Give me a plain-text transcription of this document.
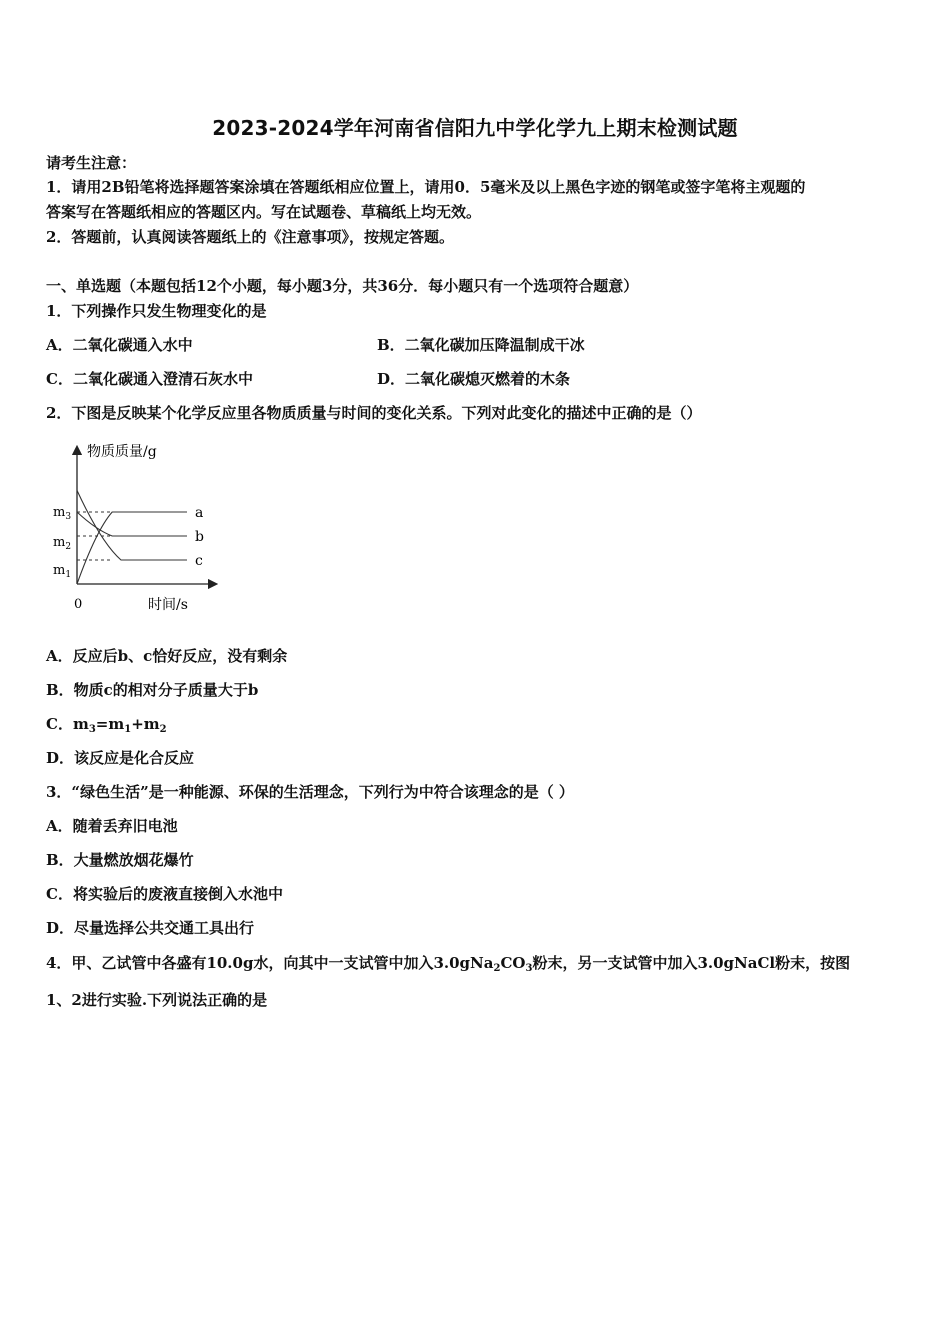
2023-2024学年河南省信阳九中学化学九上期末检测试题
请考生注意：
1．请用2B铅笔将选择题答案涂填在答题纸相应位置上，请用0．5毫米及以上黑色字迹的钢笔或签字笔将主观题的
答案写在答题纸相应的答题区内。写在试题卷、草稿纸上均无效。
2．答题前，认真阅读答题纸上的《注意事项》，按规定答题。
一、单选题（本题包括12个小题，每小题3分，共36分．每小题只有一个选项符合题意）
1．下列操作只发生物理变化的是
A．二氧化碳通入水中	B．二氧化碳加压降温制成干冰
C．二氧化碳通入澄清石灰水中	D．二氧化碳熄灭燃着的木条
2．下图是反映某个化学反应里各物质质量与时间的变化关系。下列对此变化的描述中正确的是（）
物质质量/g
时间/s
0
$m_3$
$m_2$
$m_1$
a
b
c
A．反应后b、c恰好反应，没有剩余
B．物质c的相对分子质量大于b
C．$m_3=m_1+m_2$
D．该反应是化合反应
3．“绿色生活”是一种能源、环保的生活理念，下列行为中符合该理念的是（ ）
A．随着丢弃旧电池
B．大量燃放烟花爆竹
C．将实验后的废液直接倒入水池中
D．尽量选择公共交通工具出行
4．甲、乙试管中各盛有10.0g水，向其中一支试管中加入$3.0gNa_2CO_3$粉末，另一支试管中加入3.0gNaCl粉末，按图
1、2进行实验.下列说法正确的是
